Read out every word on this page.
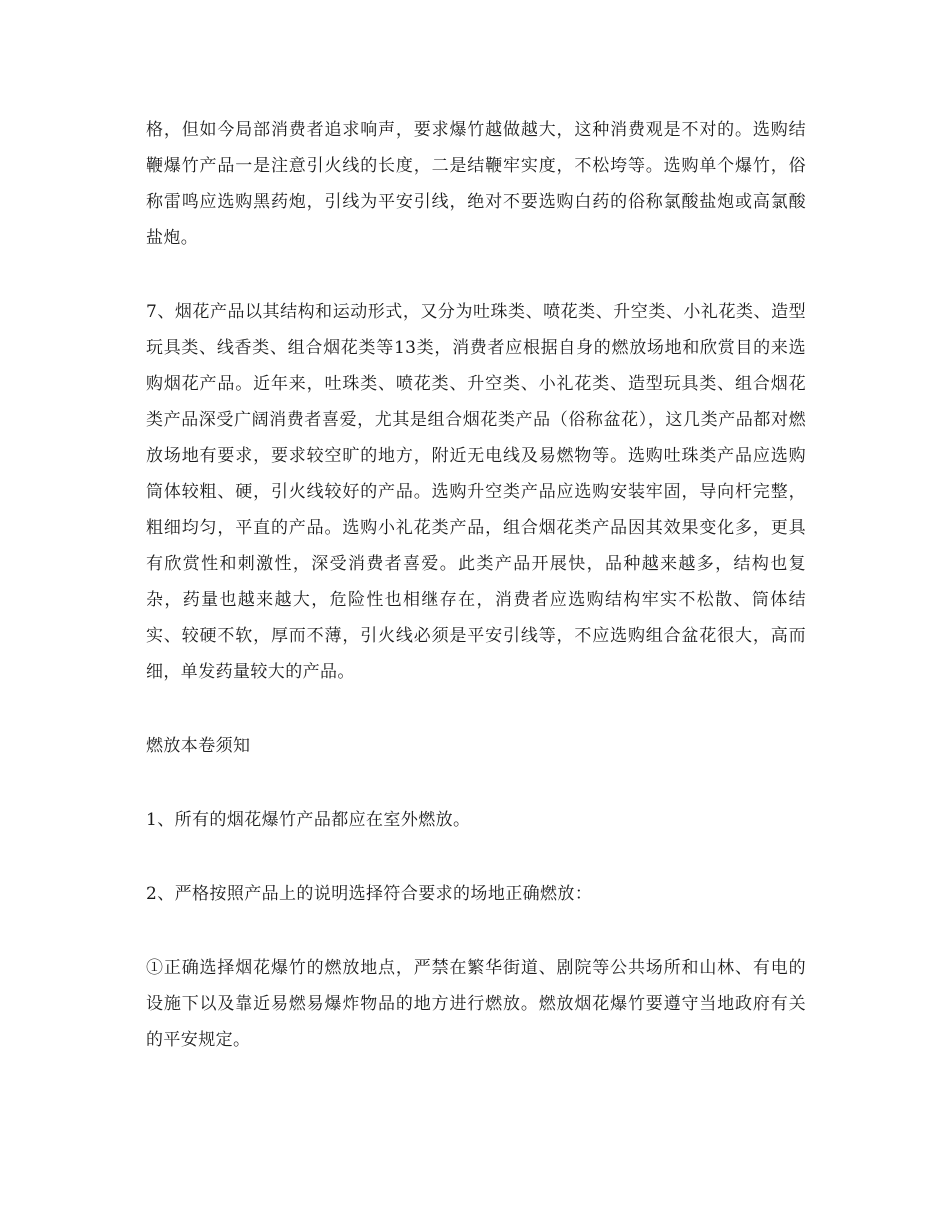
格，但如今局部消费者追求响声，要求爆竹越做越大，这种消费观是不对的。选购结鞭爆竹产品一是注意引火线的长度，二是结鞭牢实度，不松垮等。选购单个爆竹，俗称雷鸣应选购黑药炮，引线为平安引线，绝对不要选购白药的俗称氯酸盐炮或高氯酸盐炮。

7、烟花产品以其结构和运动形式，又分为吐珠类、喷花类、升空类、小礼花类、造型玩具类、线香类、组合烟花类等13类，消费者应根据自身的燃放场地和欣赏目的来选购烟花产品。近年来，吐珠类、喷花类、升空类、小礼花类、造型玩具类、组合烟花类产品深受广阔消费者喜爱，尤其是组合烟花类产品（俗称盆花），这几类产品都对燃放场地有要求，要求较空旷的地方，附近无电线及易燃物等。选购吐珠类产品应选购筒体较粗、硬，引火线较好的产品。选购升空类产品应选购安装牢固，导向杆完整，粗细均匀，平直的产品。选购小礼花类产品，组合烟花类产品因其效果变化多，更具有欣赏性和刺激性，深受消费者喜爱。此类产品开展快，品种越来越多，结构也复杂，药量也越来越大，危险性也相继存在，消费者应选购结构牢实不松散、筒体结实、较硬不软，厚而不薄，引火线必须是平安引线等，不应选购组合盆花很大，高而细，单发药量较大的产品。

燃放本卷须知

1、所有的烟花爆竹产品都应在室外燃放。

2、严格按照产品上的说明选择符合要求的场地正确燃放：

①正确选择烟花爆竹的燃放地点，严禁在繁华街道、剧院等公共场所和山林、有电的设施下以及靠近易燃易爆炸物品的地方进行燃放。燃放烟花爆竹要遵守当地政府有关的平安规定。
